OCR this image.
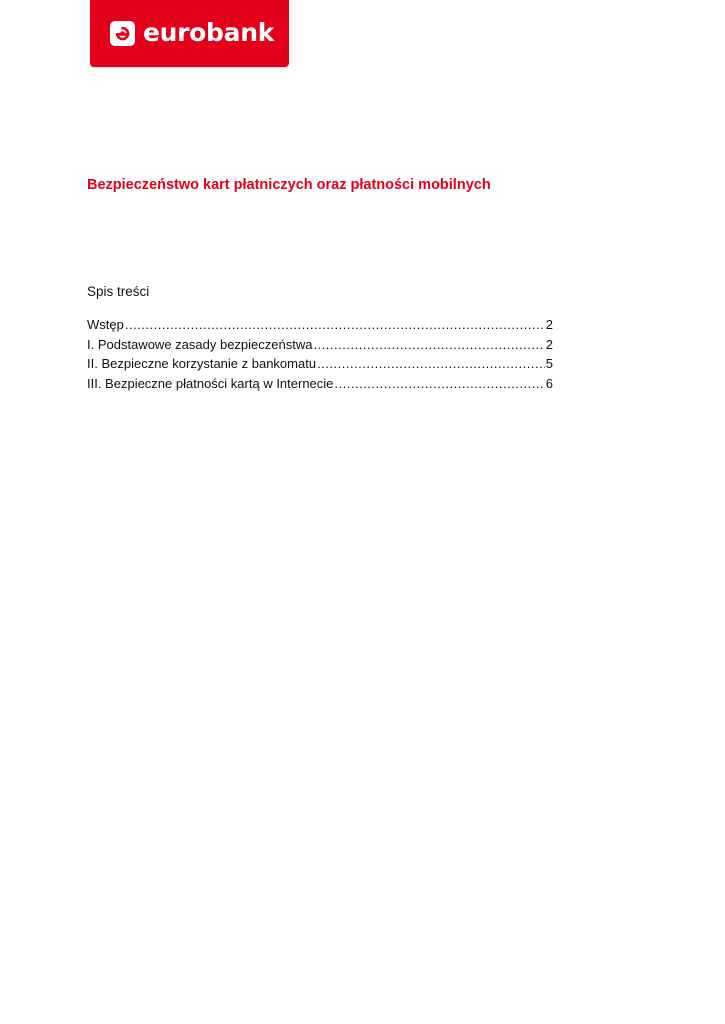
eurobank
Bezpieczeństwo kart płatniczych oraz płatności mobilnych
Spis treści
Wstęp .....	2
I. Podstawowe zasady bezpieczeństwa .....	2
II. Bezpieczne korzystanie z bankomatu .....	5
III. Bezpieczne płatności kartą w Internecie .....	6
